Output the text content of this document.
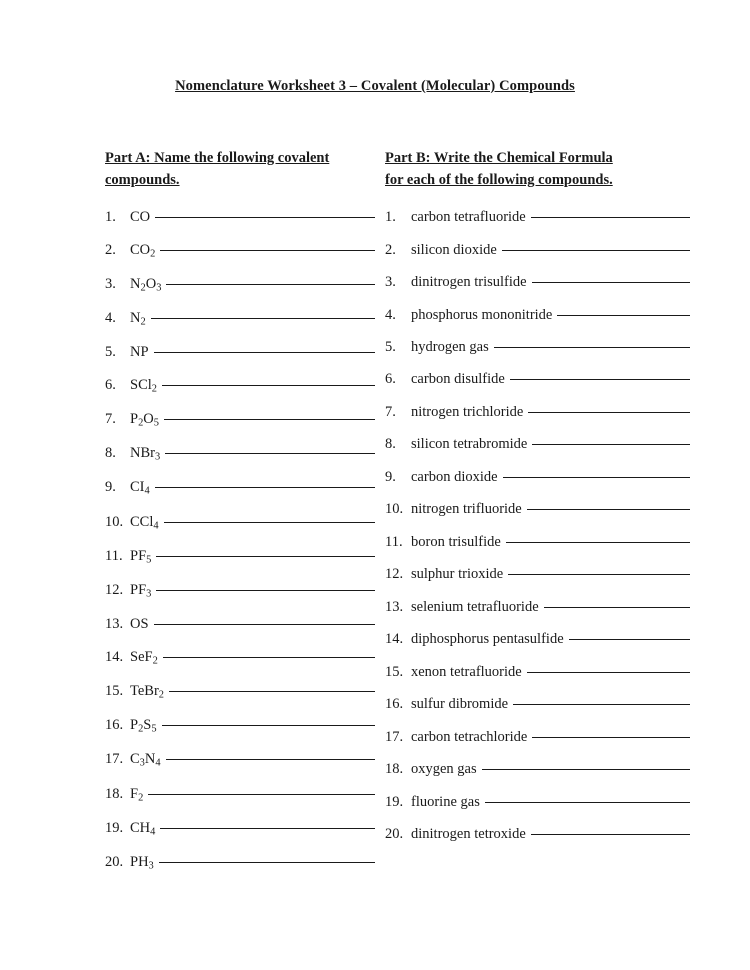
Nomenclature Worksheet 3 – Covalent (Molecular) Compounds
Part A: Name the following covalent
compounds.
1. CO
2. $CO_2$
3. $N_2O_3$
4. $N_2$
5. NP
6. SCl$_2$
7. $P_2O_5$
8. NBr$_3$
9. $CI_4$
10. CCl$_4$
11. $PF_5$
12. $PF_3$
13. OS
14. SeF$_2$
15. TeBr$_2$
16. $P_2S_5$
17. $C_3N_4$
18. $F_2$
19. $CH_4$
20. $PH_3$
Part B: Write the Chemical Formula
for each of the following compounds.
1.	carbon tetrafluoride
2.	silicon dioxide
3.	dinitrogen trisulfide
4.	phosphorus mononitride
5.	hydrogen gas
6.	carbon disulfide
7.	nitrogen trichloride
8.	silicon tetrabromide
9.	carbon dioxide
10. nitrogen trifluoride
11. boron trisulfide
12. sulphur trioxide
13. selenium tetrafluoride
14. diphosphorus pentasulfide
15. xenon tetrafluoride
16. sulfur dibromide
17. carbon tetrachloride
18. oxygen gas
19. fluorine gas
20. dinitrogen tetroxide
